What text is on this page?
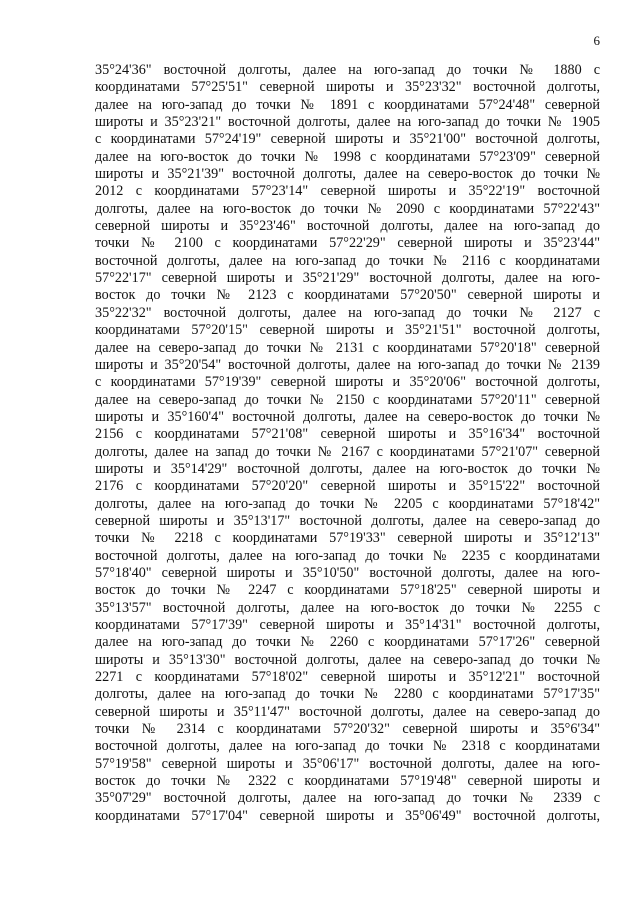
6
35°24'36" восточной долготы, далее на юго-запад до точки № 1880 с
координатами 57°25'51" северной широты и 35°23'32" восточной долготы,
далее на юго-запад до точки № 1891 с координатами 57°24'48" северной
широты и 35°23'21" восточной долготы, далее на юго-запад до точки № 1905
с координатами 57°24'19" северной широты и 35°21'00" восточной долготы,
далее на юго-восток до точки № 1998 с координатами 57°23'09" северной
широты и 35°21'39" восточной долготы, далее на северо-восток до точки №
2012 с координатами 57°23'14" северной широты и 35°22'19" восточной
долготы, далее на юго-восток до точки № 2090 с координатами 57°22'43"
северной широты и 35°23'46" восточной долготы, далее на юго-запад до
точки № 2100 с координатами 57°22'29" северной широты и 35°23'44"
восточной долготы, далее на юго-запад до точки № 2116 с координатами
57°22'17" северной широты и 35°21'29" восточной долготы, далее на юго-
восток до точки № 2123 с координатами 57°20'50" северной широты и
35°22'32" восточной долготы, далее на юго-запад до точки № 2127 с
координатами 57°20'15" северной широты и 35°21'51" восточной долготы,
далее на северо-запад до точки № 2131 с координатами 57°20'18" северной
широты и 35°20'54" восточной долготы, далее на юго-запад до точки № 2139
с координатами 57°19'39" северной широты и 35°20'06" восточной долготы,
далее на северо-запад до точки № 2150 с координатами 57°20'11" северной
широты и 35°160'4" восточной долготы, далее на северо-восток до точки №
2156 с координатами 57°21'08" северной широты и 35°16'34" восточной
долготы, далее на запад до точки № 2167 с координатами 57°21'07" северной
широты и 35°14'29" восточной долготы, далее на юго-восток до точки №
2176 с координатами 57°20'20" северной широты и 35°15'22" восточной
долготы, далее на юго-запад до точки № 2205 с координатами 57°18'42"
северной широты и 35°13'17" восточной долготы, далее на северо-запад до
точки № 2218 с координатами 57°19'33" северной широты и 35°12'13"
восточной долготы, далее на юго-запад до точки № 2235 с координатами
57°18'40" северной широты и 35°10'50" восточной долготы, далее на юго-
восток до точки № 2247 с координатами 57°18'25" северной широты и
35°13'57" восточной долготы, далее на юго-восток до точки № 2255 с
координатами 57°17'39" северной широты и 35°14'31" восточной долготы,
далее на юго-запад до точки № 2260 с координатами 57°17'26" северной
широты и 35°13'30" восточной долготы, далее на северо-запад до точки №
2271 с координатами 57°18'02" северной широты и 35°12'21" восточной
долготы, далее на юго-запад до точки № 2280 с координатами 57°17'35"
северной широты и 35°11'47" восточной долготы, далее на северо-запад до
точки № 2314 с координатами 57°20'32" северной широты и 35°6'34"
восточной долготы, далее на юго-запад до точки № 2318 с координатами
57°19'58" северной широты и 35°06'17" восточной долготы, далее на юго-
восток до точки № 2322 с координатами 57°19'48" северной широты и
35°07'29" восточной долготы, далее на юго-запад до точки № 2339 с
координатами 57°17'04" северной широты и 35°06'49" восточной долготы,
